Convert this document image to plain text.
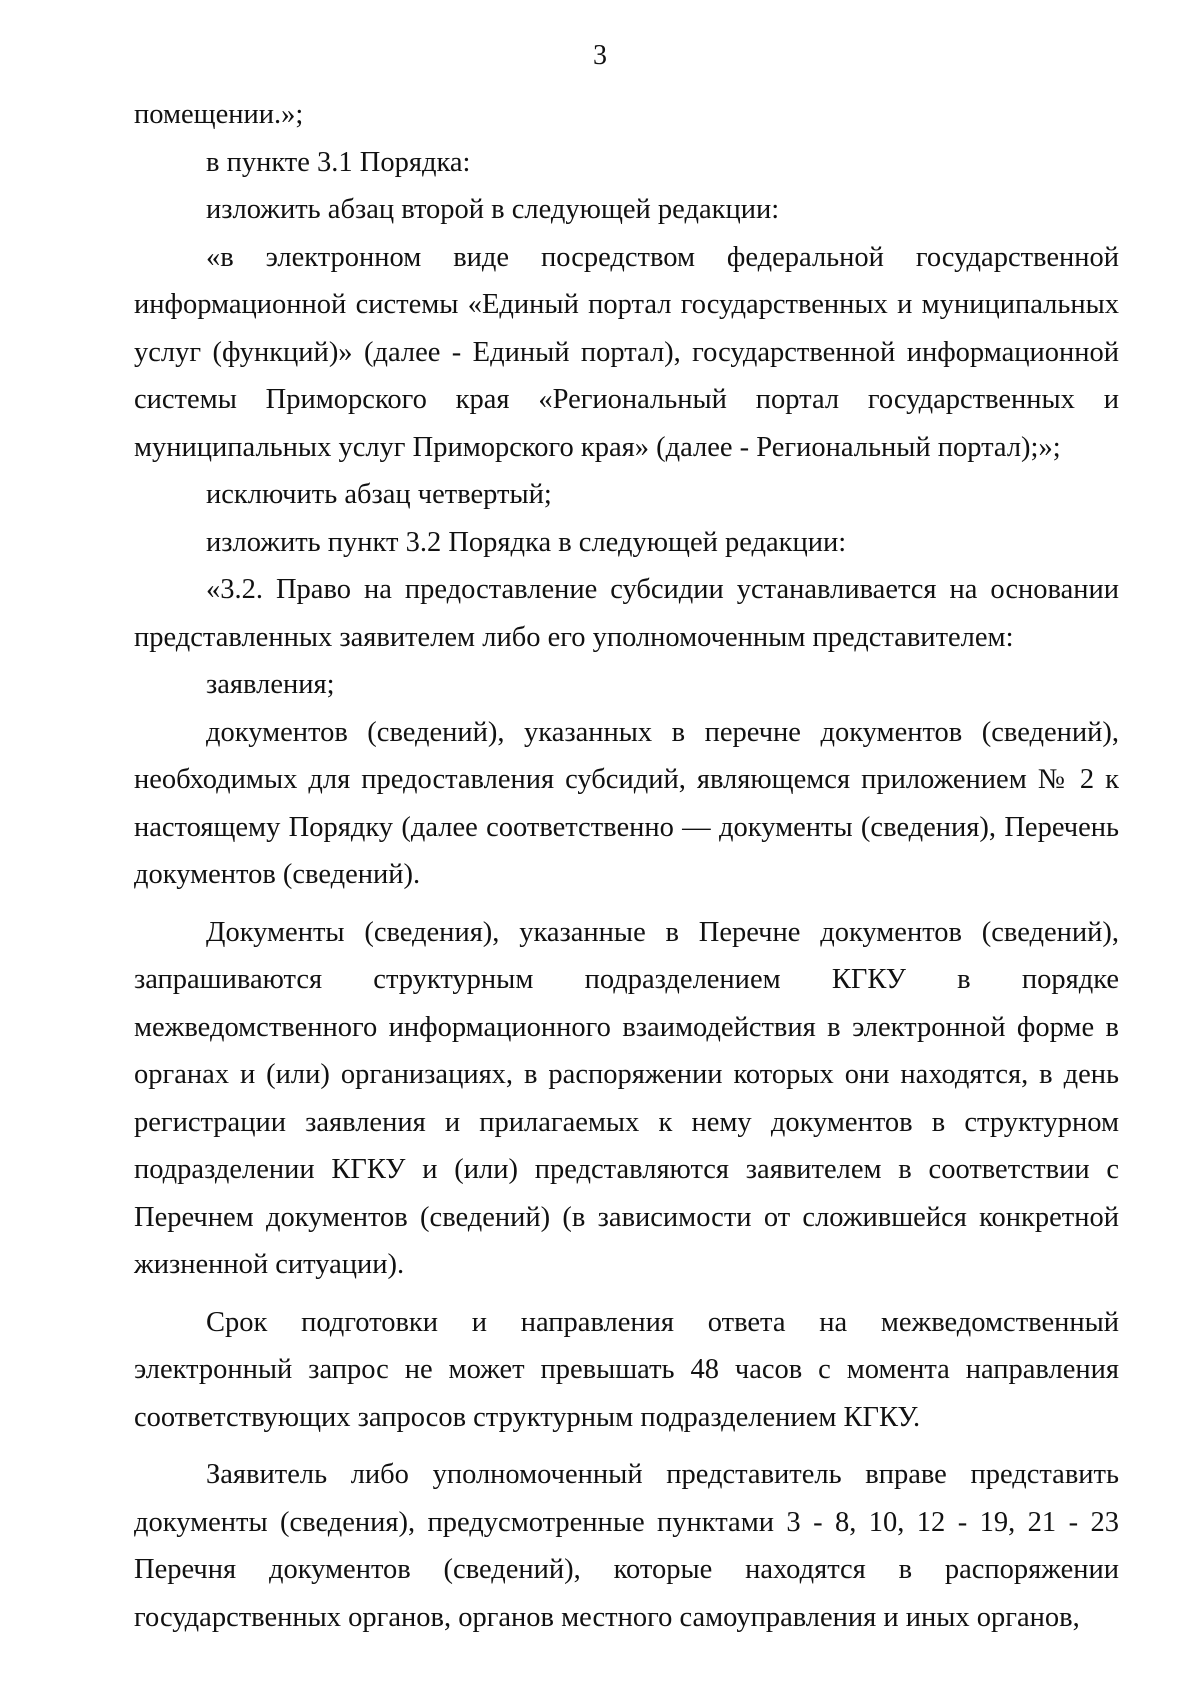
3

помещении.»;

в пункте 3.1 Порядка:

изложить абзац второй в следующей редакции:

«в электронном виде посредством федеральной государственной информационной системы «Единый портал государственных и муниципальных услуг (функций)» (далее - Единый портал), государственной информационной системы Приморского края «Региональный портал государственных и муниципальных услуг Приморского края» (далее - Региональный портал);»;

исключить абзац четвертый;

изложить пункт 3.2 Порядка в следующей редакции:

«3.2. Право на предоставление субсидии устанавливается на основании представленных заявителем либо его уполномоченным представителем:

заявления;

документов (сведений), указанных в перечне документов (сведений), необходимых для предоставления субсидий, являющемся приложением № 2 к настоящему Порядку (далее соответственно — документы (сведения), Перечень документов (сведений).

Документы (сведения), указанные в Перечне документов (сведений), запрашиваются структурным подразделением КГКУ в порядке межведомственного информационного взаимодействия в электронной форме в органах и (или) организациях, в распоряжении которых они находятся, в день регистрации заявления и прилагаемых к нему документов в структурном подразделении КГКУ и (или) представляются заявителем в соответствии с Перечнем документов (сведений) (в зависимости от сложившейся конкретной жизненной ситуации).

Срок подготовки и направления ответа на межведомственный электронный запрос не может превышать 48 часов с момента направления соответствующих запросов структурным подразделением КГКУ.

Заявитель либо уполномоченный представитель вправе представить документы (сведения), предусмотренные пунктами 3 - 8, 10, 12 - 19, 21 - 23 Перечня документов (сведений), которые находятся в распоряжении государственных органов, органов местного самоуправления и иных органов,
